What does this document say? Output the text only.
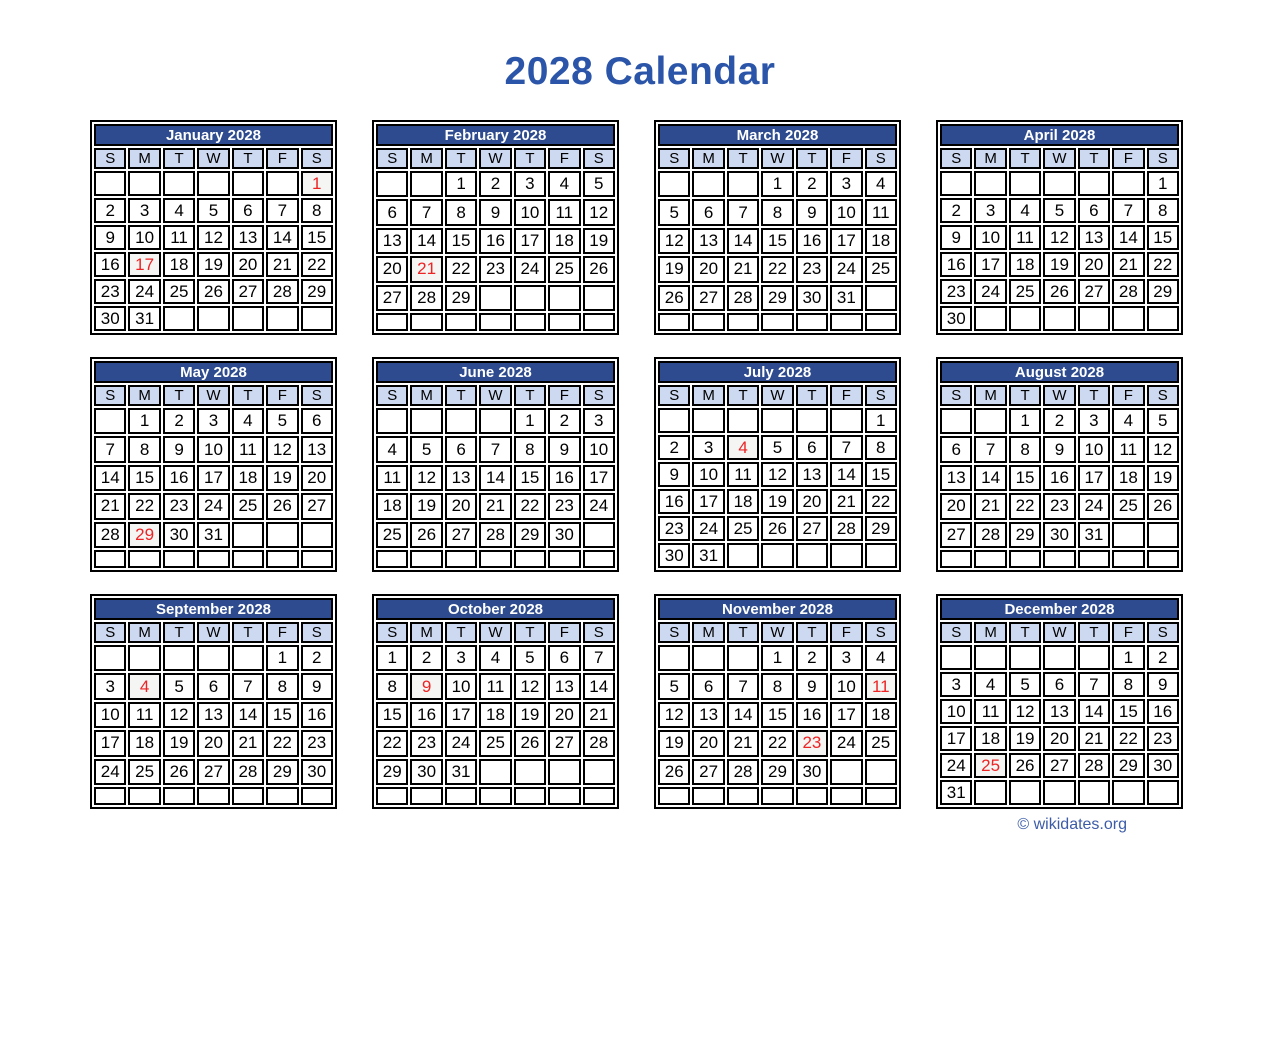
2028 Calendar
January 2028						
S	M	T	W	T	F	S
						1
2	3	4	5	6	7	8
9	10	11	12	13	14	15
16	17	18	19	20	21	22
23	24	25	26	27	28	29
30	31					
February 2028						
S	M	T	W	T	F	S
		1	2	3	4	5
6	7	8	9	10	11	12
13	14	15	16	17	18	19
20	21	22	23	24	25	26
27	28	29				

March 2028						
S	M	T	W	T	F	S
			1	2	3	4
5	6	7	8	9	10	11
12	13	14	15	16	17	18
19	20	21	22	23	24	25
26	27	28	29	30	31	

April 2028						
S	M	T	W	T	F	S
						1
2	3	4	5	6	7	8
9	10	11	12	13	14	15
16	17	18	19	20	21	22
23	24	25	26	27	28	29
30						
May 2028						
S	M	T	W	T	F	S
	1	2	3	4	5	6
7	8	9	10	11	12	13
14	15	16	17	18	19	20
21	22	23	24	25	26	27
28	29	30	31			

June 2028						
S	M	T	W	T	F	S
				1	2	3
4	5	6	7	8	9	10
11	12	13	14	15	16	17
18	19	20	21	22	23	24
25	26	27	28	29	30	

July 2028						
S	M	T	W	T	F	S
						1
2	3	4	5	6	7	8
9	10	11	12	13	14	15
16	17	18	19	20	21	22
23	24	25	26	27	28	29
30	31					
August 2028						
S	M	T	W	T	F	S
		1	2	3	4	5
6	7	8	9	10	11	12
13	14	15	16	17	18	19
20	21	22	23	24	25	26
27	28	29	30	31		

September 2028						
S	M	T	W	T	F	S
					1	2
3	4	5	6	7	8	9
10	11	12	13	14	15	16
17	18	19	20	21	22	23
24	25	26	27	28	29	30

October 2028						
S	M	T	W	T	F	S
1	2	3	4	5	6	7
8	9	10	11	12	13	14
15	16	17	18	19	20	21
22	23	24	25	26	27	28
29	30	31				

November 2028						
S	M	T	W	T	F	S
			1	2	3	4
5	6	7	8	9	10	11
12	13	14	15	16	17	18
19	20	21	22	23	24	25
26	27	28	29	30		

December 2028						
S	M	T	W	T	F	S
					1	2
3	4	5	6	7	8	9
10	11	12	13	14	15	16
17	18	19	20	21	22	23
24	25	26	27	28	29	30
31						
© wikidates.org
